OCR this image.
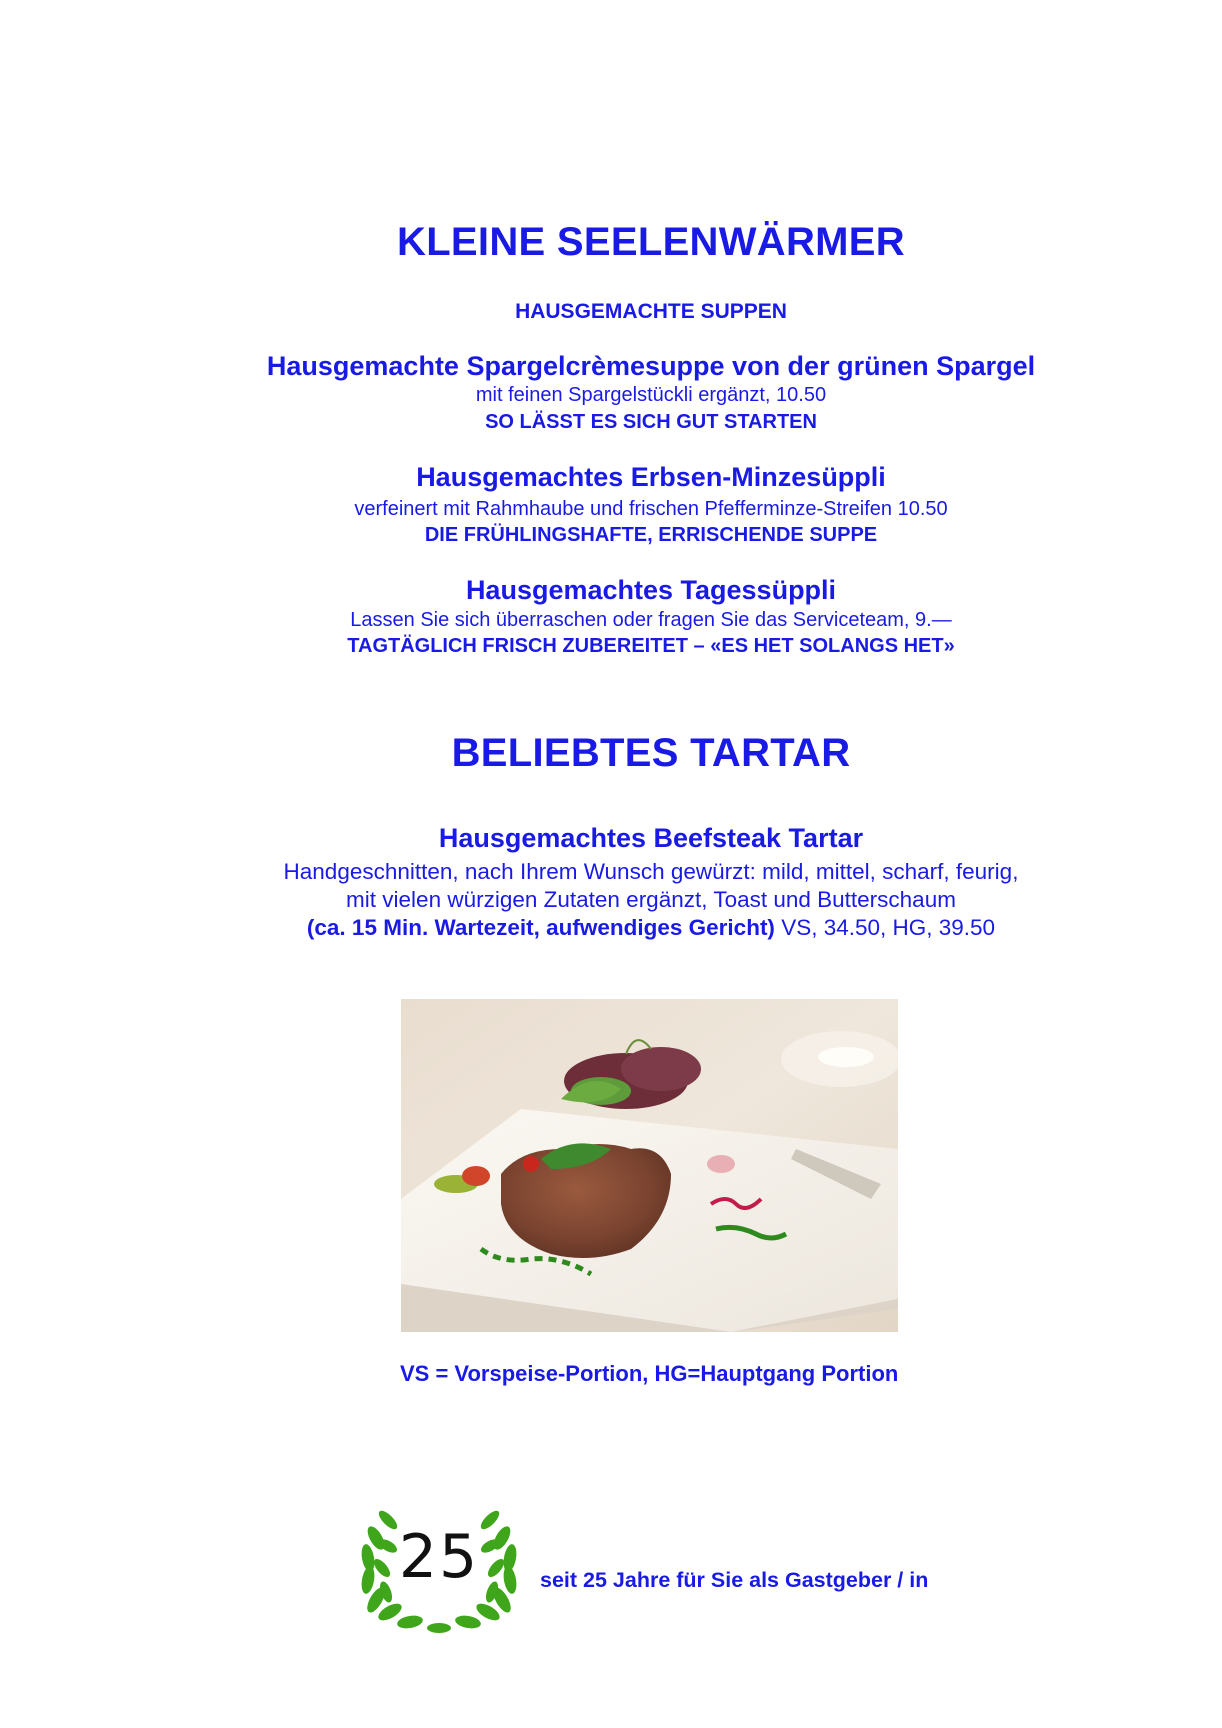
KLEINE SEELENWÄRMER
HAUSGEMACHTE SUPPEN
Hausgemachte Spargelcrèmesuppe von der grünen Spargel
mit feinen Spargelstückli ergänzt, 10.50
SO LÄSST ES SICH GUT STARTEN
Hausgemachtes Erbsen-Minzesüppli
verfeinert mit Rahmhaube und frischen Pfefferminze-Streifen 10.50
DIE FRÜHLINGSHAFTE, ERRISCHENDE SUPPE
Hausgemachtes Tagessüppli
Lassen Sie sich überraschen oder fragen Sie das Serviceteam, 9.—
TAGTÄGLICH FRISCH ZUBEREITET – «ES HET SOLANGS HET»
BELIEBTES TARTAR
Hausgemachtes Beefsteak Tartar
Handgeschnitten, nach Ihrem Wunsch gewürzt: mild, mittel, scharf, feurig,
mit vielen würzigen Zutaten ergänzt, Toast und Butterschaum
(ca. 15 Min. Wartezeit, aufwendiges Gericht) VS, 34.50, HG, 39.50
VS = Vorspeise-Portion, HG=Hauptgang Portion
25	seit 25 Jahre für Sie als Gastgeber / in
